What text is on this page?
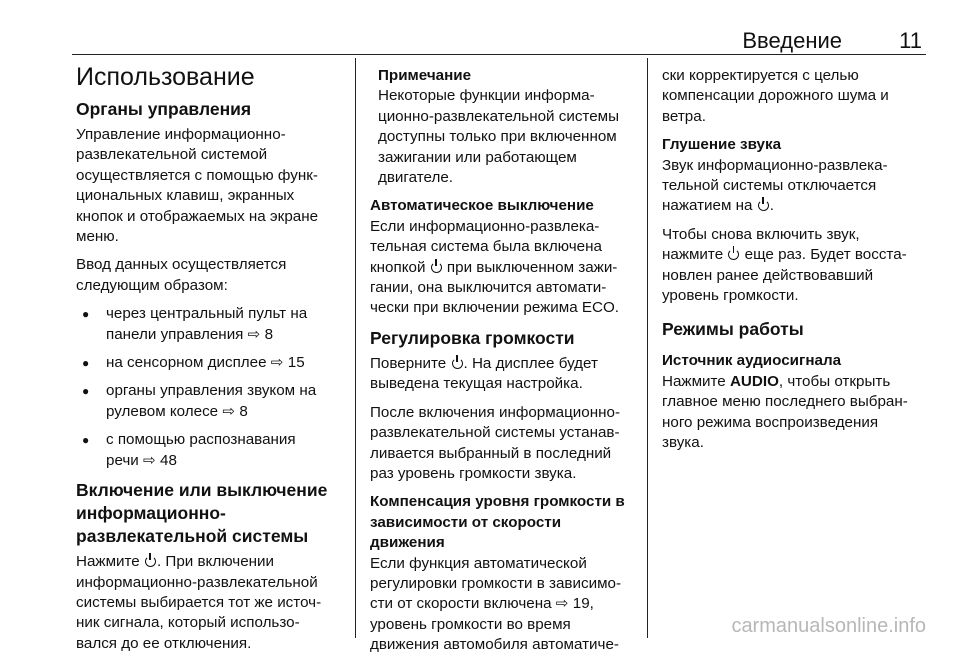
Введение	11
Использование
Органы управления

Управление информационно-
развлекательной системой
осуществляется с помощью функ-
циональных клавиш, экранных
кнопок и отображаемых на экране
меню.

Ввод данных осуществляется
следующим образом:

● через центральный пульт на
панели управления ⇨ 8
● на сенсорном дисплее ⇨ 15
● органы управления звуком на
рулевом колесе ⇨ 8
● с помощью распознавания
речи ⇨ 48
Включение или выключение
информационно-
развлекательной системы

Нажмите . При включении
информационно-развлекательной
системы выбирается тот же источ-
ник сигнала, который использо-
вался до ее отключения.

Примечание

Некоторые функции информа-
ционно-развлекательной системы
доступны только при включенном
зажигании или работающем
двигателе.

Автоматическое выключение

Если информационно-развлека-
тельная система была включена
кнопкой при выключенном зажи-
гании, она выключится автомати-
чески при включении режима ECO.

Регулировка громкости

Поверните . На дисплее будет
выведена текущая настройка.

После включения информационно-
развлекательной системы устанав-
ливается выбранный в последний
раз уровень громкости звука.

Компенсация уровня громкости в
зависимости от скорости движения

Если функция автоматической
регулировки громкости в зависимо-
сти от скорости включена ⇨ 19,
уровень громкости во время
движения автомобиля автоматиче-

ски корректируется с целью
компенсации дорожного шума и
ветра.

Глушение звука

Звук информационно-развлека-
тельной системы отключается
нажатием на .

Чтобы снова включить звук,
нажмите еще раз. Будет восста-
новлен ранее действовавший
уровень громкости.

Режимы работы
Источник аудиосигнала

Нажмите AUDIO, чтобы открыть
главное меню последнего выбран-
ного режима воспроизведения
звука.

carmanualsonline.info
